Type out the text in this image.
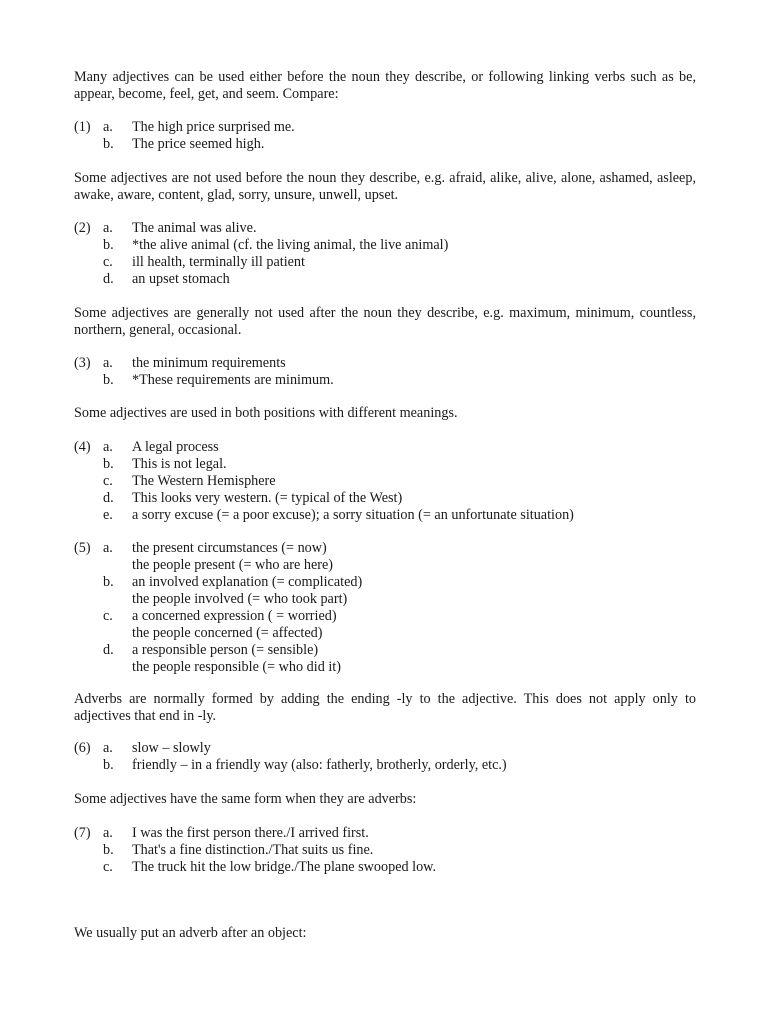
Many adjectives can be used either before the noun they describe, or following linking verbs such as be, appear, become, feel, get, and seem. Compare:

(1) a. The high price surprised me.
b. The price seemed high.

Some adjectives are not used before the noun they describe, e.g. afraid, alike, alive, alone, ashamed, asleep, awake, aware, content, glad, sorry, unsure, unwell, upset.

(2) a. The animal was alive.
b. *the alive animal (cf. the living animal, the live animal)
c. ill health, terminally ill patient
d. an upset stomach

Some adjectives are generally not used after the noun they describe, e.g. maximum, minimum, countless, northern, general, occasional.

(3) a. the minimum requirements
b. *These requirements are minimum.

Some adjectives are used in both positions with different meanings.

(4) a. A legal process
b. This is not legal.
c. The Western Hemisphere
d. This looks very western. (= typical of the West)
e. a sorry excuse (= a poor excuse); a sorry situation (= an unfortunate situation)
(5) a. the present circumstances (= now)
the people present (= who are here)
b. an involved explanation (= complicated)
the people involved (= who took part)
c. a concerned expression ( = worried)
the people concerned (= affected)
d. a responsible person (= sensible)
the people responsible (= who did it)

Adverbs are normally formed by adding the ending -ly to the adjective. This does not apply only to adjectives that end in -ly.

(6) a. slow – slowly
b. friendly – in a friendly way (also: fatherly, brotherly, orderly, etc.)

Some adjectives have the same form when they are adverbs:

(7) a. I was the first person there./I arrived first.
b. That's a fine distinction./That suits us fine.
c. The truck hit the low bridge./The plane swooped low.

We usually put an adverb after an object:
